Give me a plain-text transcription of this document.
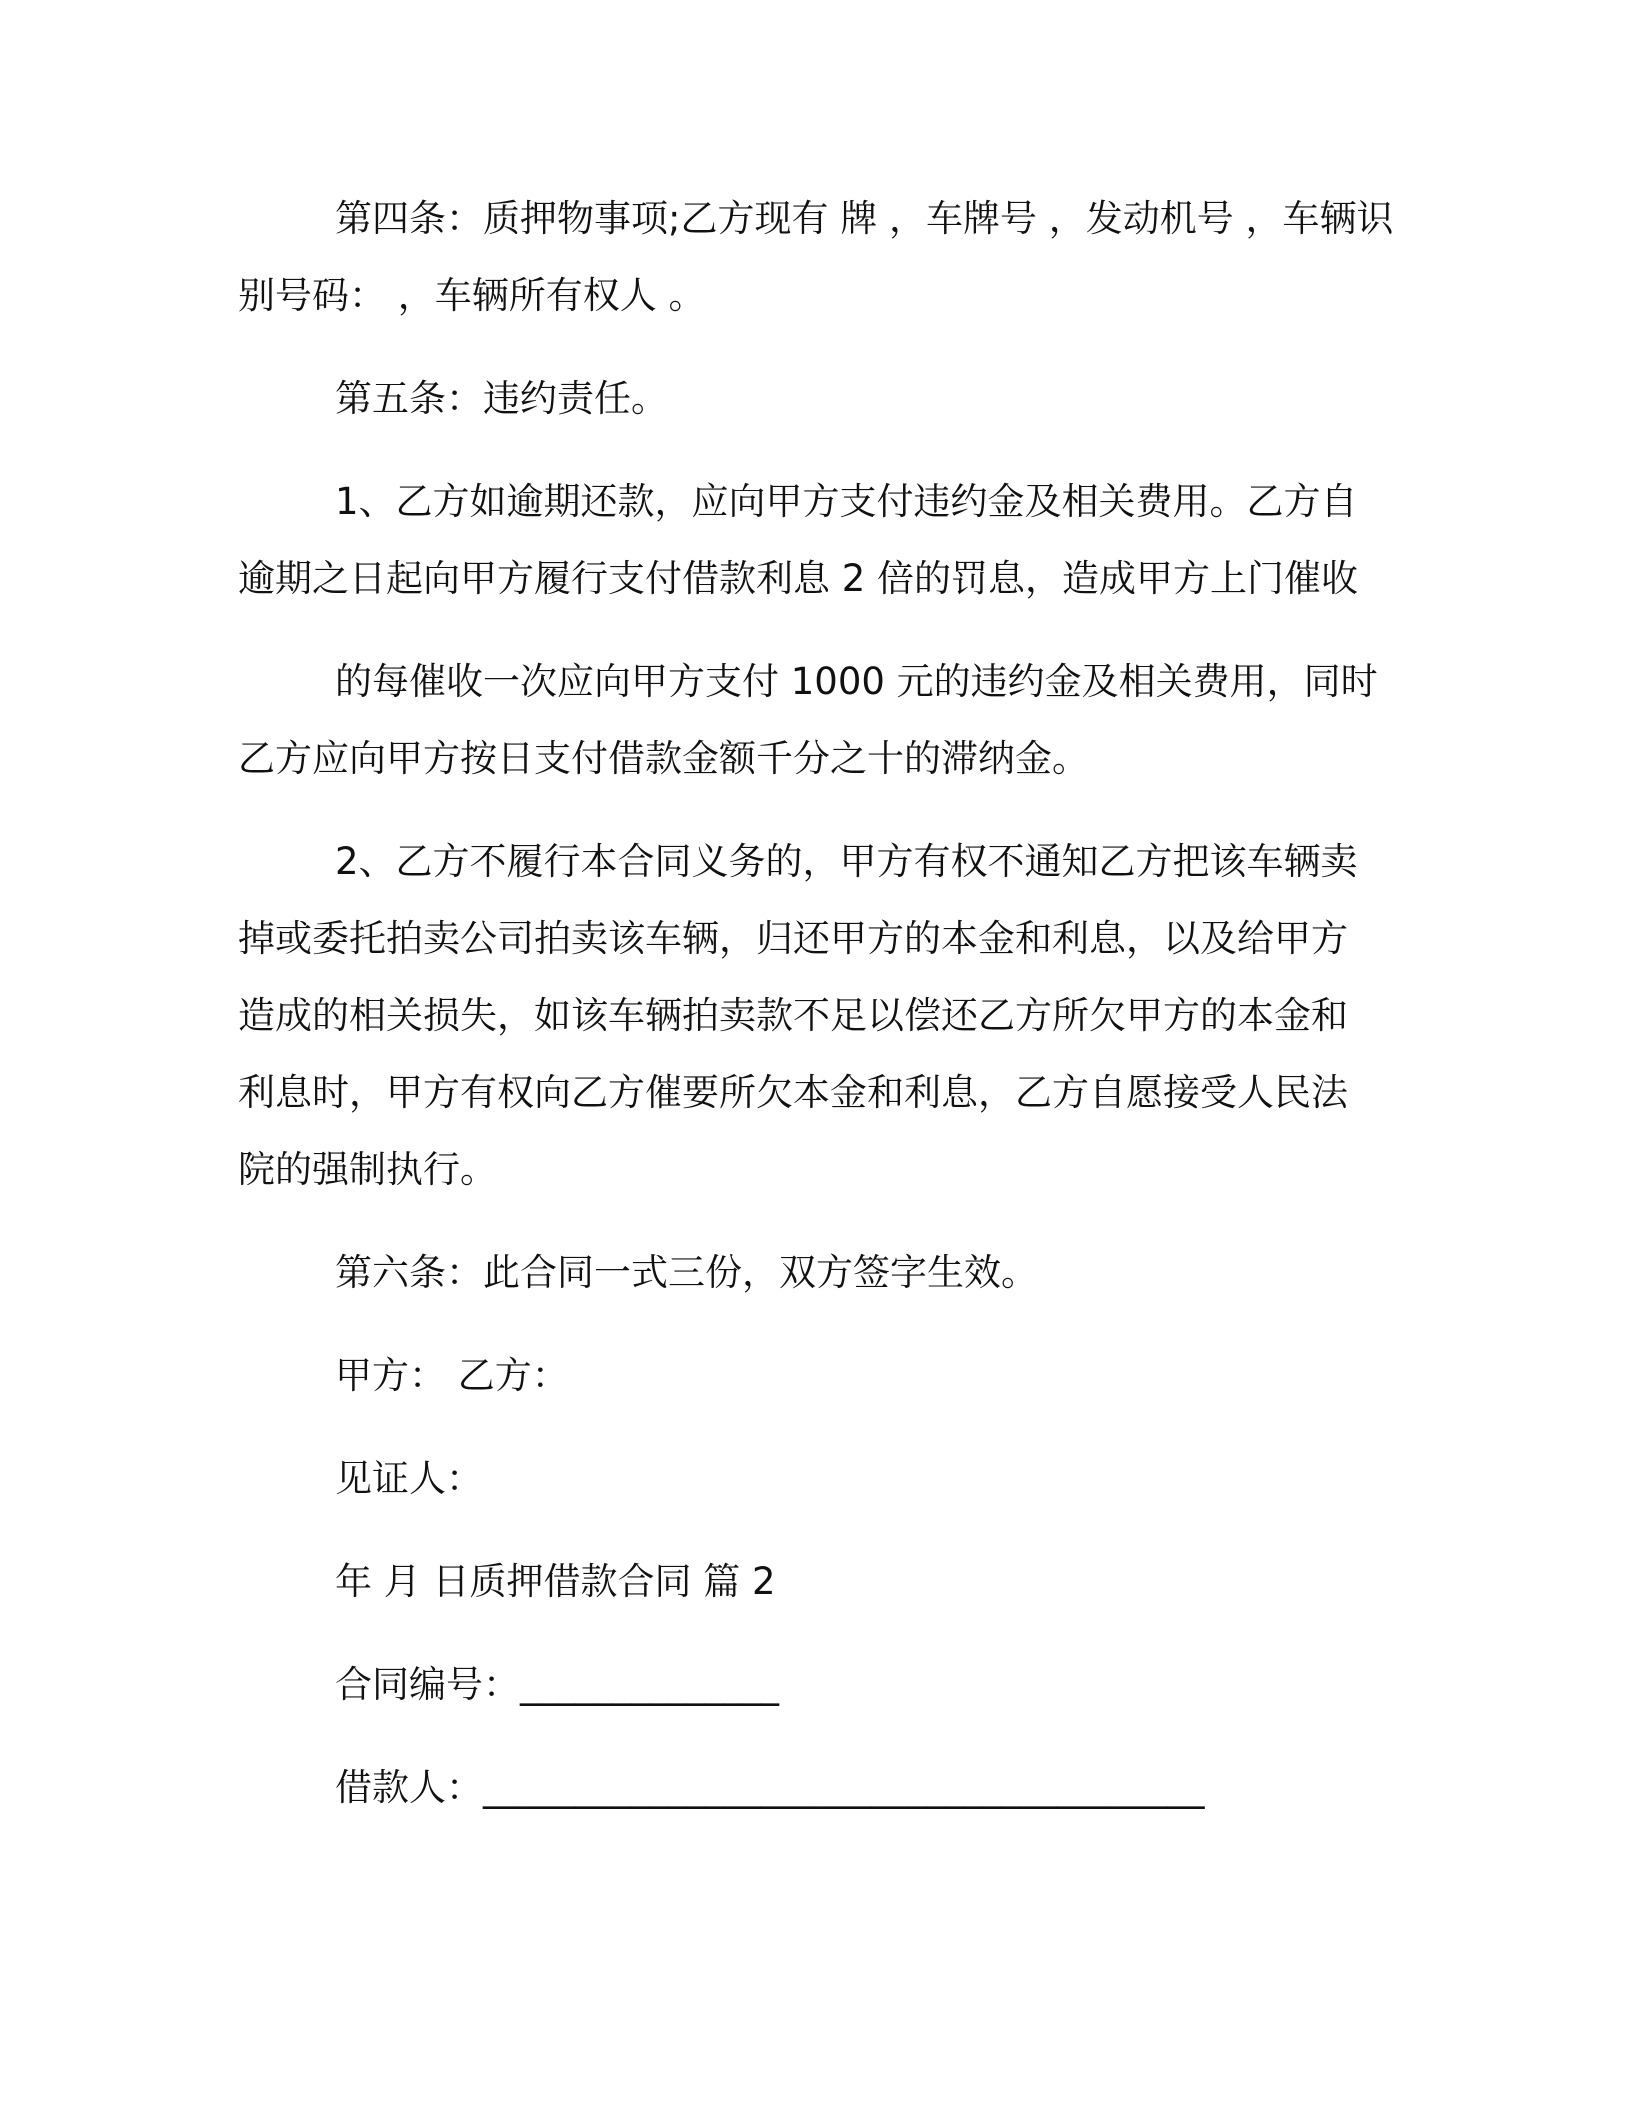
第四条：质押物事项;乙方现有 牌 ，车牌号 ，发动机号 ，车辆识

别号码： ，车辆所有权人 。

第五条：违约责任。

1、乙方如逾期还款，应向甲方支付违约金及相关费用。乙方自

逾期之日起向甲方履行支付借款利息 2 倍的罚息，造成甲方上门催收

的每催收一次应向甲方支付 1000 元的违约金及相关费用，同时

乙方应向甲方按日支付借款金额千分之十的滞纳金。

2、乙方不履行本合同义务的，甲方有权不通知乙方把该车辆卖

掉或委托拍卖公司拍卖该车辆，归还甲方的本金和利息，以及给甲方

造成的相关损失，如该车辆拍卖款不足以偿还乙方所欠甲方的本金和

利息时，甲方有权向乙方催要所欠本金和利息，乙方自愿接受人民法

院的强制执行。

第六条：此合同一式三份，双方签字生效。

甲方： 乙方：

见证人：

年 月 日质押借款合同 篇 2

合同编号：______________

借款人：_______________________________________
